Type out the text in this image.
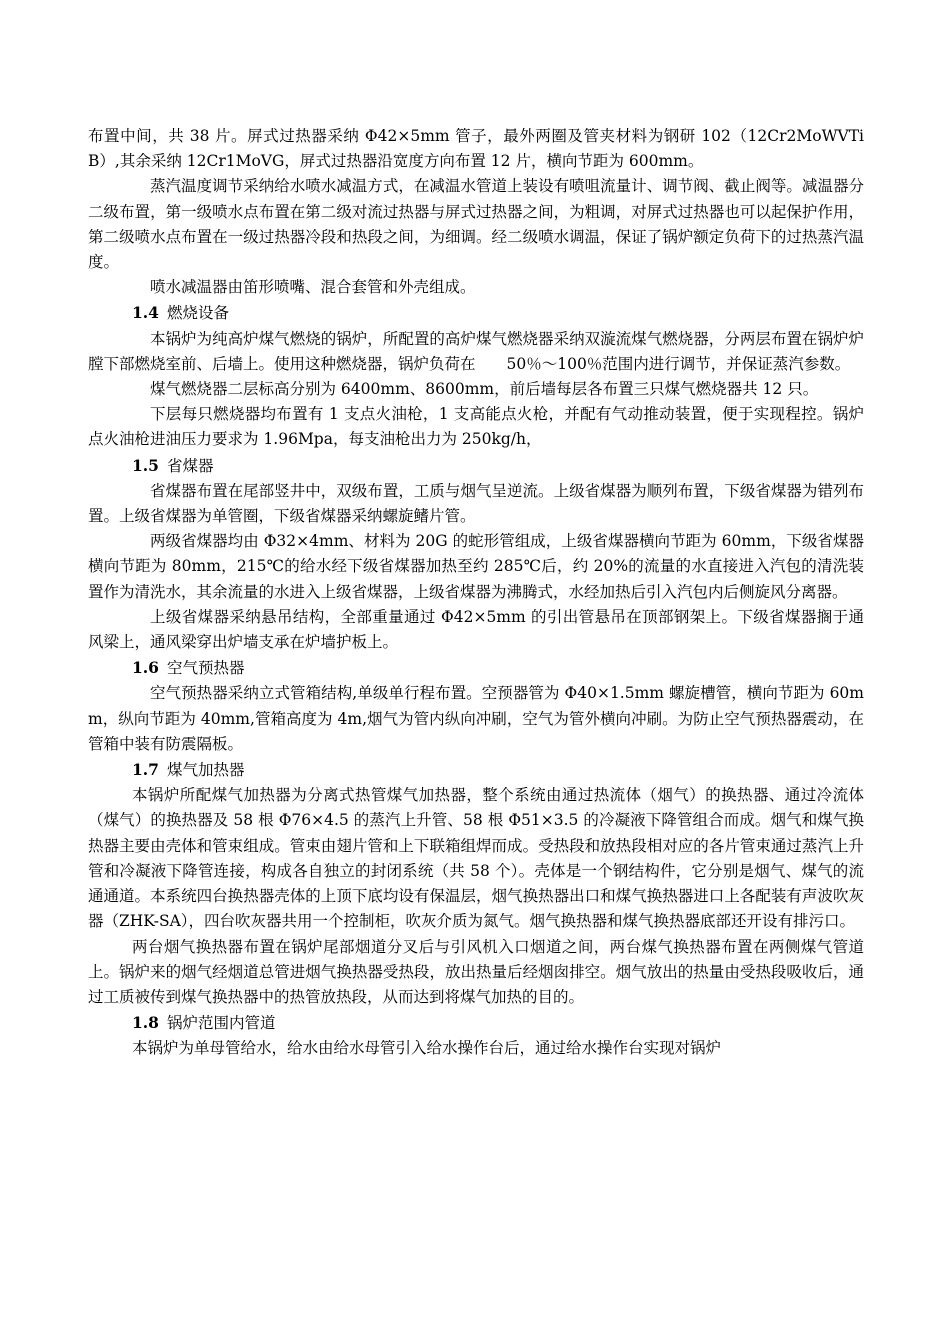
布置中间，共 38 片。屏式过热器采纳 Φ42×5mm 管子，最外两圈及管夹材料为钢研 102（12Cr2MoWVTiB）,其余采纳 12Cr1MoVG，屏式过热器沿宽度方向布置 12 片，横向节距为 600mm。

蒸汽温度调节采纳给水喷水减温方式，在减温水管道上装设有喷咀流量计、调节阀、截止阀等。减温器分二级布置，第一级喷水点布置在第二级对流过热器与屏式过热器之间，为粗调，对屏式过热器也可以起保护作用，第二级喷水点布置在一级过热器冷段和热段之间，为细调。经二级喷水调温，保证了锅炉额定负荷下的过热蒸汽温度。

喷水减温器由笛形喷嘴、混合套管和外壳组成。

1.4 燃烧设备

本锅炉为纯高炉煤气燃烧的锅炉，所配置的高炉煤气燃烧器采纳双漩流煤气燃烧器，分两层布置在锅炉炉膛下部燃烧室前、后墙上。使用这种燃烧器，锅炉负荷在　　50％～100％范围内进行调节，并保证蒸汽参数。

煤气燃烧器二层标高分别为 6400mm、8600mm，前后墙每层各布置三只煤气燃烧器共 12 只。

下层每只燃烧器均布置有 1 支点火油枪，1 支高能点火枪，并配有气动推动装置，便于实现程控。锅炉点火油枪进油压力要求为 1.96Mpa，每支油枪出力为 250kg/h，

1.5 省煤器

省煤器布置在尾部竖井中，双级布置，工质与烟气呈逆流。上级省煤器为顺列布置，下级省煤器为错列布置。上级省煤器为单管圈，下级省煤器采纳螺旋鳍片管。

两级省煤器均由 Φ32×4mm、材料为 20G 的蛇形管组成，上级省煤器横向节距为 60mm，下级省煤器横向节距为 80mm，215℃的给水经下级省煤器加热至约 285℃后，约 20%的流量的水直接进入汽包的清洗装置作为清洗水，其余流量的水进入上级省煤器，上级省煤器为沸腾式，水经加热后引入汽包内后侧旋风分离器。

上级省煤器采纳悬吊结构，全部重量通过 Φ42×5mm 的引出管悬吊在顶部钢架上。下级省煤器搁于通风梁上，通风梁穿出炉墙支承在炉墙护板上。

1.6 空气预热器

空气预热器采纳立式管箱结构,单级单行程布置。空预器管为 Φ40×1.5mm 螺旋槽管，横向节距为 60mm，纵向节距为 40mm,管箱高度为 4m,烟气为管内纵向冲刷，空气为管外横向冲刷。为防止空气预热器震动，在管箱中装有防震隔板。

1.7 煤气加热器

本锅炉所配煤气加热器为分离式热管煤气加热器，整个系统由通过热流体（烟气）的换热器、通过冷流体（煤气）的换热器及 58 根 Φ76×4.5 的蒸汽上升管、58 根 Φ51×3.5 的冷凝液下降管组合而成。烟气和煤气换热器主要由壳体和管束组成。管束由翅片管和上下联箱组焊而成。受热段和放热段相对应的各片管束通过蒸汽上升管和冷凝液下降管连接，构成各自独立的封闭系统（共 58 个）。壳体是一个钢结构件，它分别是烟气、煤气的流通通道。本系统四台换热器壳体的上顶下底均设有保温层，烟气换热器出口和煤气换热器进口上各配装有声波吹灰器（ZHK-SA），四台吹灰器共用一个控制柜，吹灰介质为氮气。烟气换热器和煤气换热器底部还开设有排污口。

两台烟气换热器布置在锅炉尾部烟道分叉后与引风机入口烟道之间，两台煤气换热器布置在两侧煤气管道上。锅炉来的烟气经烟道总管进烟气换热器受热段，放出热量后经烟囱排空。烟气放出的热量由受热段吸收后，通过工质被传到煤气换热器中的热管放热段，从而达到将煤气加热的目的。

1.8 锅炉范围内管道

本锅炉为单母管给水，给水由给水母管引入给水操作台后，通过给水操作台实现对锅炉
